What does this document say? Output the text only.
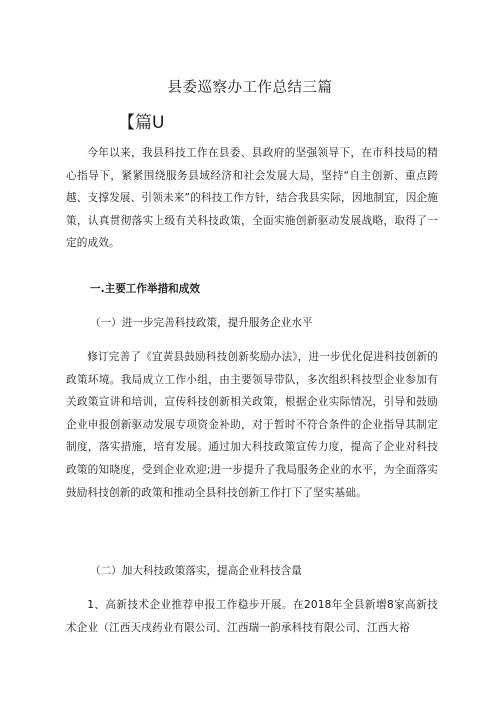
县委巡察办工作总结三篇
【篇U
今年以来，我县科技工作在县委、县政府的坚强领导下，在市科技局的精心指导下，紧紧围绕服务县域经济和社会发展大局，坚持“自主创新、重点跨越、支撑发展、引领未来”的科技工作方针，结合我县实际，因地制宜，因企施策，认真贯彻落实上级有关科技政策，全面实施创新驱动发展战略，取得了一定的成效。
一.主要工作举措和成效
（一）进一步完善科技政策，提升服务企业水平
修订完善了《宜黄县鼓励科技创新奖励办法》，进一步优化促进科技创新的政策环境。我局成立工作小组，由主要领导带队，多次组织科技型企业参加有关政策宣讲和培训，宣传科技创新相关政策，根据企业实际情况，引导和鼓励企业申报创新驱动发展专项资金补助，对于暂时不符合条件的企业指导其制定制度，落实措施，培育发展。通过加大科技政策宣传力度，提高了企业对科技政策的知晓度，受到企业欢迎;进一步提升了我局服务企业的水平，为全面落实鼓励科技创新的政策和推动全县科技创新工作打下了坚实基础。
（二）加大科技政策落实，提高企业科技含量
1、高新技术企业推荐申报工作稳步开展。在2018年全县新增8家高新技术企业（江西天戌药业有限公司、江西瑞一韵承科技有限公司、江西大裕
